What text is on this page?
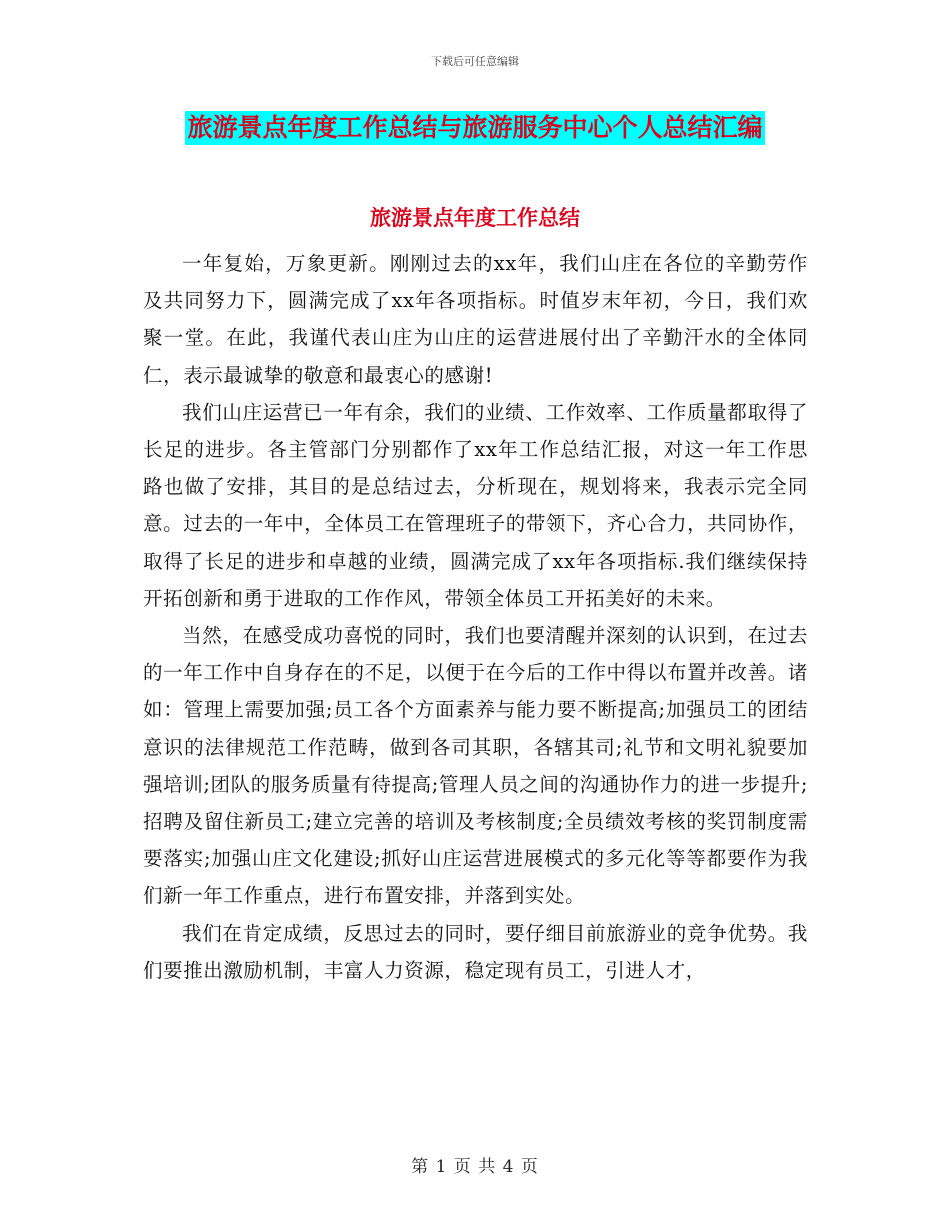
下载后可任意编辑
旅游景点年度工作总结与旅游服务中心个人总结汇编
旅游景点年度工作总结

一年复始，万象更新。刚刚过去的xx年，我们山庄在各位的辛勤劳作及共同努力下，圆满完成了xx年各项指标。时值岁末年初，今日，我们欢聚一堂。在此，我谨代表山庄为山庄的运营进展付出了辛勤汗水的全体同仁，表示最诚挚的敬意和最衷心的感谢!

我们山庄运营已一年有余，我们的业绩、工作效率、工作质量都取得了长足的进步。各主管部门分别都作了xx年工作总结汇报，对这一年工作思路也做了安排，其目的是总结过去，分析现在，规划将来，我表示完全同意。过去的一年中，全体员工在管理班子的带领下，齐心合力，共同协作，取得了长足的进步和卓越的业绩，圆满完成了xx年各项指标.我们继续保持开拓创新和勇于进取的工作作风，带领全体员工开拓美好的未来。

当然，在感受成功喜悦的同时，我们也要清醒并深刻的认识到，在过去的一年工作中自身存在的不足，以便于在今后的工作中得以布置并改善。诸如：管理上需要加强;员工各个方面素养与能力要不断提高;加强员工的团结意识的法律规范工作范畴，做到各司其职，各辖其司;礼节和文明礼貌要加强培训;团队的服务质量有待提高;管理人员之间的沟通协作力的进一步提升;招聘及留住新员工;建立完善的培训及考核制度;全员绩效考核的奖罚制度需要落实;加强山庄文化建设;抓好山庄运营进展模式的多元化等等都要作为我们新一年工作重点，进行布置安排，并落到实处。

我们在肯定成绩，反思过去的同时，要仔细目前旅游业的竞争优势。我们要推出激励机制，丰富人力资源，稳定现有员工，引进人才，

第 1 页 共 4 页
